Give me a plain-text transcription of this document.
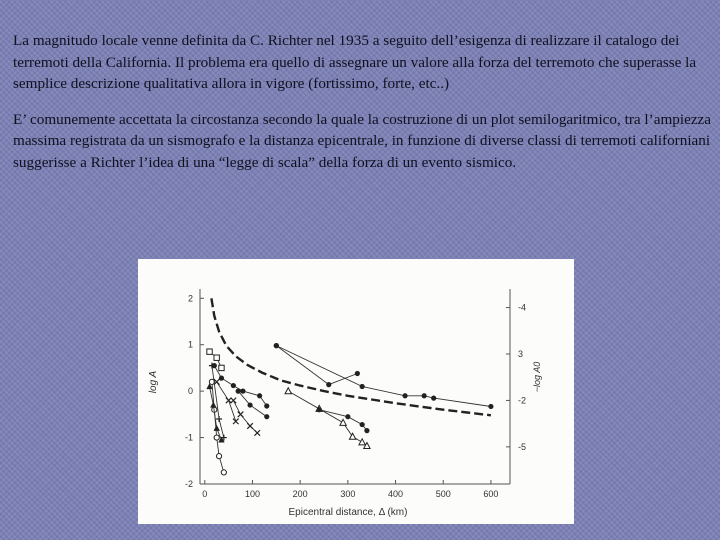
La magnitudo locale venne definita da C. Richter nel 1935 a seguito dell’esigenza di realizzare il catalogo dei terremoti della California. Il problema era quello di assegnare un valore alla forza del terremoto che superasse la semplice descrizione qualitativa allora in vigore (fortissimo, forte, etc..)

E’ comunemente accettata la circostanza secondo la quale la costruzione di un plot semilogaritmico, tra l’ampiezza massima registrata da un sismografo e la distanza epicentrale, in funzione di diverse classi di terremoti californiani suggerisse a Richter l’idea di una “legge di scala” della forza di un evento sismico.

0	100	200	300	400	500	600
-2
-1
0
1
2
-2
3
-4
-5
Epicentral distance, Δ (km)
log A	−log A0
